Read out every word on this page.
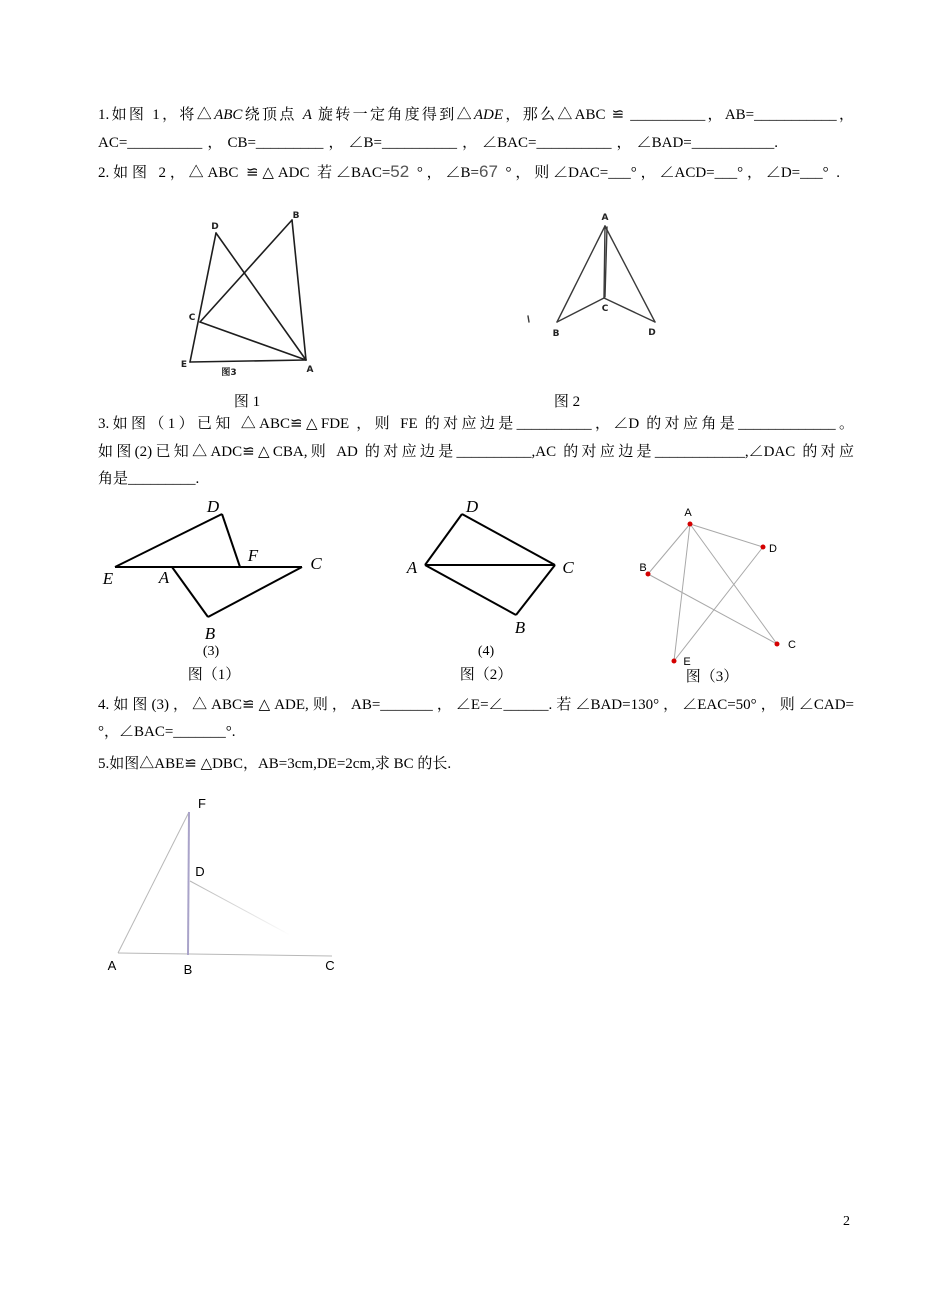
1.如图 1，将△ABC绕顶点 A 旋转一定角度得到△ADE，那么△ABC ≌ __________，AB=___________，
AC=__________，CB=_________，∠B=__________，∠BAC=__________，∠BAD=___________.
2.如图 2，△ABC ≌△ADC 若∠BAC=52 °，∠B=67 °，则∠DAC=___°，∠ACD=___°，∠D=___° .
图 1	图 2
3.如图（1）已知 △ABC≌△FDE ，则 FE 的对应边是__________，∠D 的对应角是_____________。
如图(2)已知△ADC≌△CBA,则 AD 的对应边是__________,AC 的对应边是____________,∠DAC 的对应
角是_________.
(3)
图（1）
(4)
图（2）	图（3）
4.如图(3)，△ABC≌△ADE,则，AB=_______，∠E=∠______.若∠BAD=130°，∠EAC=50°，则∠CAD=
°，∠BAC=_______°.
5.如图△ABE≌ △DBC，AB=3cm,DE=2cm,求 BC 的长.
2
D
B
C
E	A
图3
A
C
B	D
D
E
F	C
A
B
D
A	C
B
A
D
B
C
E
F
D
A	B	C
